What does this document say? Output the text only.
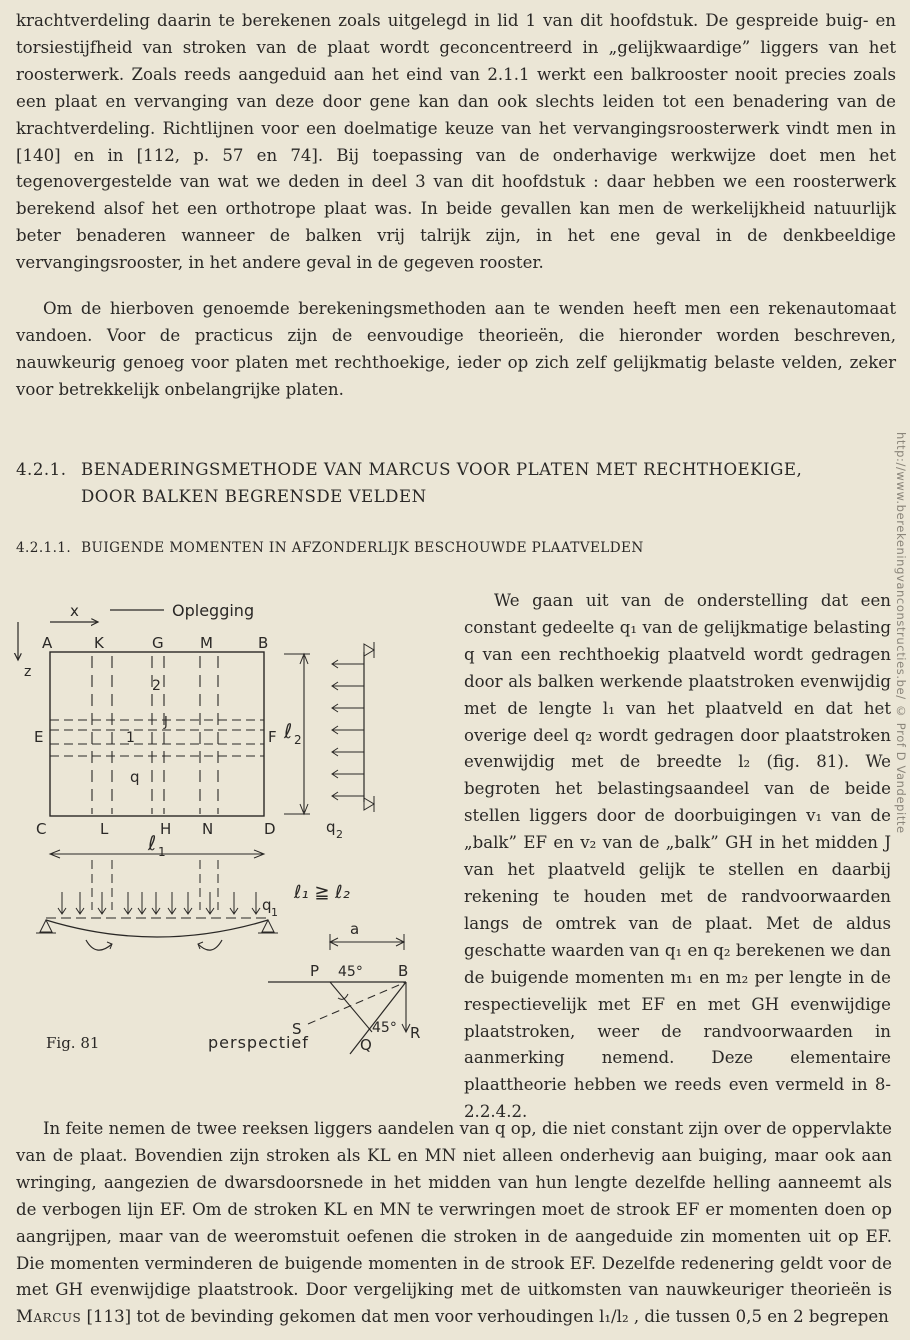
krachtverdeling daarin te berekenen zoals uitgelegd in lid 1 van dit hoofdstuk. De gespreide buig- en torsiestijfheid van stroken van de plaat wordt geconcentreerd in „gelijkwaardige” liggers van het roosterwerk. Zoals reeds aangeduid aan het eind van 2.1.1 werkt een balkrooster nooit precies zoals een plaat en vervanging van deze door gene kan dan ook slechts leiden tot een benadering van de krachtverdeling. Richtlijnen voor een doelmatige keuze van het vervangingsroosterwerk vindt men in [140] en in [112, p. 57 en 74]. Bij toepassing van de onderhavige werkwijze doet men het tegenovergestelde van wat we deden in deel 3 van dit hoofdstuk : daar hebben we een roosterwerk berekend alsof het een orthotrope plaat was. In beide gevallen kan men de werkelijkheid natuurlijk beter benaderen wanneer de balken vrij talrijk zijn, in het ene geval in de denkbeeldige vervangingsrooster, in het andere geval in de gegeven rooster.

Om de hierboven genoemde berekeningsmethoden aan te wenden heeft men een rekenautomaat vandoen. Voor de practicus zijn de eenvoudige theorieën, die hieronder worden beschreven, nauwkeurig genoeg voor platen met rechthoekige, ieder op zich zelf gelijkmatig belaste velden, zeker voor betrekkelijk onbelangrijke platen.

4.2.1. BENADERINGSMETHODE VAN MARCUS VOOR PLATEN MET RECHTHOEKIGE,
DOOR BALKEN BEGRENSDE VELDEN
4.2.1.1. BUIGENDE MOMENTEN IN AFZONDERLIJK BESCHOUWDE PLAATVELDEN
x
z
Oplegging
A	K	G M	B
E	F
C	L	H N	D
2
1
J
q
ℓ 2
q 2
ℓ 1
q 1
ℓ₁ ≧ ℓ₂
a
P 45° B
R
S	45°
Q
Fig. 81	perspectief
We gaan uit van de onderstelling dat een constant gedeelte q₁ van de gelijkmatige belasting q van een rechthoekig plaatveld wordt gedragen door als balken werkende plaatstroken evenwijdig met de lengte l₁ van het plaatveld en dat het overige deel q₂ wordt gedragen door plaatstroken evenwijdig met de breedte l₂ (fig. 81). We begroten het belastingsaandeel van de beide stellen liggers door de doorbuigingen v₁ van de „balk” EF en v₂ van de „balk” GH in het midden J van het plaatveld gelijk te stellen en daarbij rekening te houden met de randvoorwaarden langs de omtrek van de plaat. Met de aldus geschatte waarden van q₁ en q₂ berekenen we dan de buigende momenten m₁ en m₂ per lengte in de respectievelijk met EF en met GH evenwijdige plaatstroken, weer de randvoorwaarden in aanmerking nemend. Deze elementaire plaattheorie hebben we reeds even vermeld in 8-2.2.4.2.

In feite nemen de twee reeksen liggers aandelen van q op, die niet constant zijn over de oppervlakte van de plaat. Bovendien zijn stroken als KL en MN niet alleen onderhevig aan buiging, maar ook aan wringing, aangezien de dwarsdoorsnede in het midden van hun lengte dezelfde helling aanneemt als de verbogen lijn EF. Om de stroken KL en MN te verwringen moet de strook EF er momenten doen op aangrijpen, maar van de weeromstuit oefenen die stroken in de aangeduide zin momenten uit op EF. Die momenten verminderen de buigende momenten in de strook EF. Dezelfde redenering geldt voor de met GH evenwijdige plaatstrook. Door vergelijking met de uitkomsten van nauwkeuriger theorieën is Marcus [113] tot de bevinding gekomen dat men voor verhoudingen l₁/l₂ , die tussen 0,5 en 2 begrepen

http://www.berekeningvanconstructies.be/ © Prof D Vandepitte
